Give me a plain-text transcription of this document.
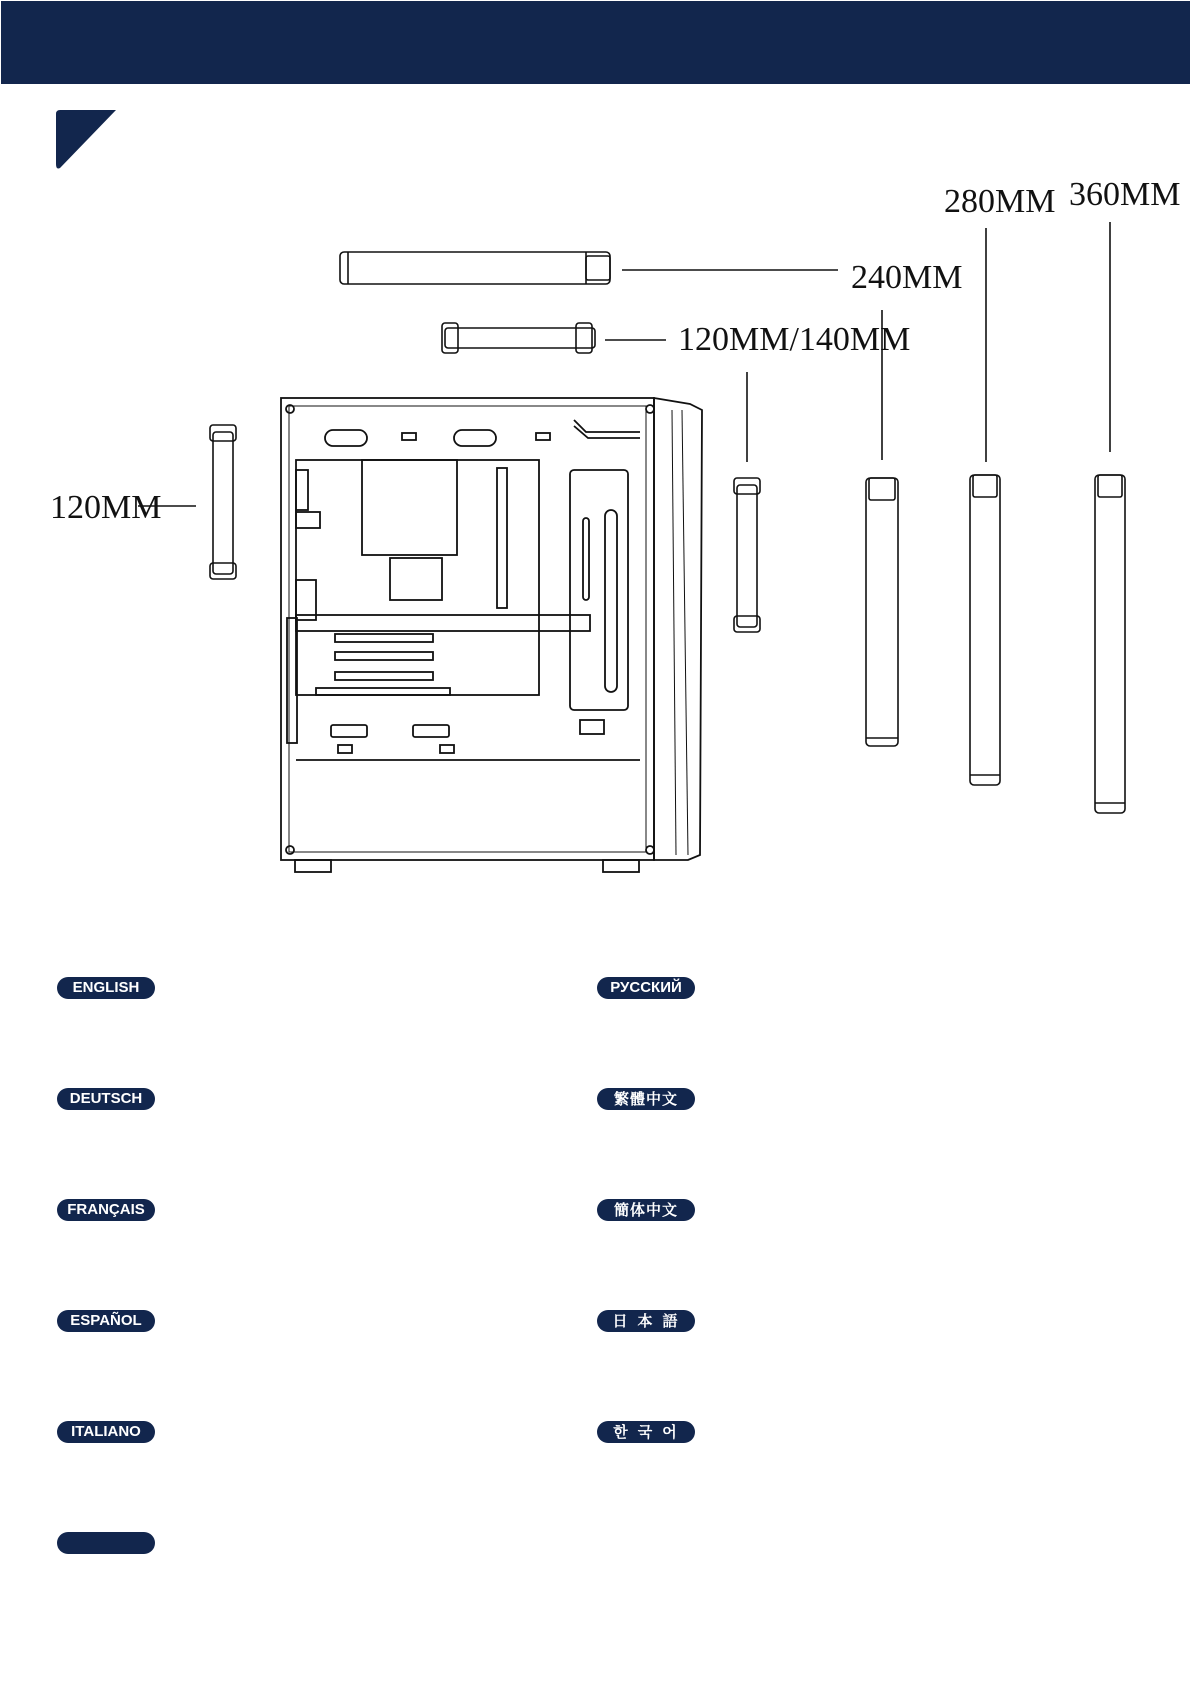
120MM
120MM/140MM
240MM
280MM 360MM
ENGLISH
DEUTSCH
FRANÇAIS
ESPAÑOL
ITALIANO
РУССКИЙ
繁體中文
簡体中文
日本語
한국어
